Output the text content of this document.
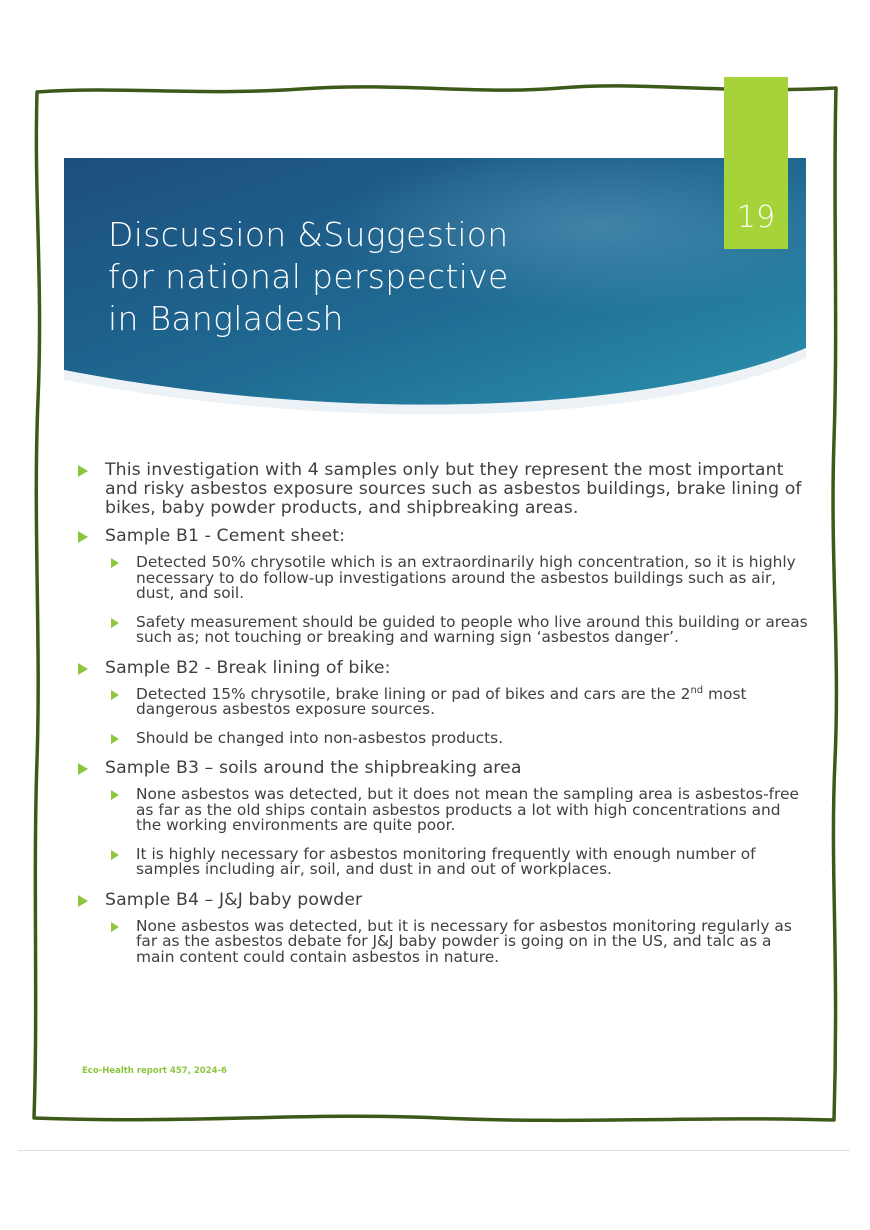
Discussion &Suggestion
for national perspective
in Bangladesh
19
This investigation with 4 samples only but they represent the most important and risky asbestos exposure sources such as asbestos buildings, brake lining of bikes, baby powder products, and shipbreaking areas.
Sample B1 - Cement sheet:
Detected 50% chrysotile which is an extraordinarily high concentration, so it is highly necessary to do follow-up investigations around the asbestos buildings such as air, dust, and soil.
Safety measurement should be guided to people who live around this building or areas such as; not touching or breaking and warning sign ‘asbestos danger’.
Sample B2 - Break lining of bike:
Detected 15% chrysotile, brake lining or pad of bikes and cars are the 2nd most dangerous asbestos exposure sources.
Should be changed into non-asbestos products.
Sample B3 – soils around the shipbreaking area
None asbestos was detected, but it does not mean the sampling area is asbestos-free as far as the old ships contain asbestos products a lot with high concentrations and the working environments are quite poor.
It is highly necessary for asbestos monitoring frequently with enough number of samples including air, soil, and dust in and out of workplaces.
Sample B4 – J&J baby powder
None asbestos was detected, but it is necessary for asbestos monitoring regularly as far as the asbestos debate for J&J baby powder is going on in the US, and talc as a main content could contain asbestos in nature.
Eco-Health report 457, 2024-6
